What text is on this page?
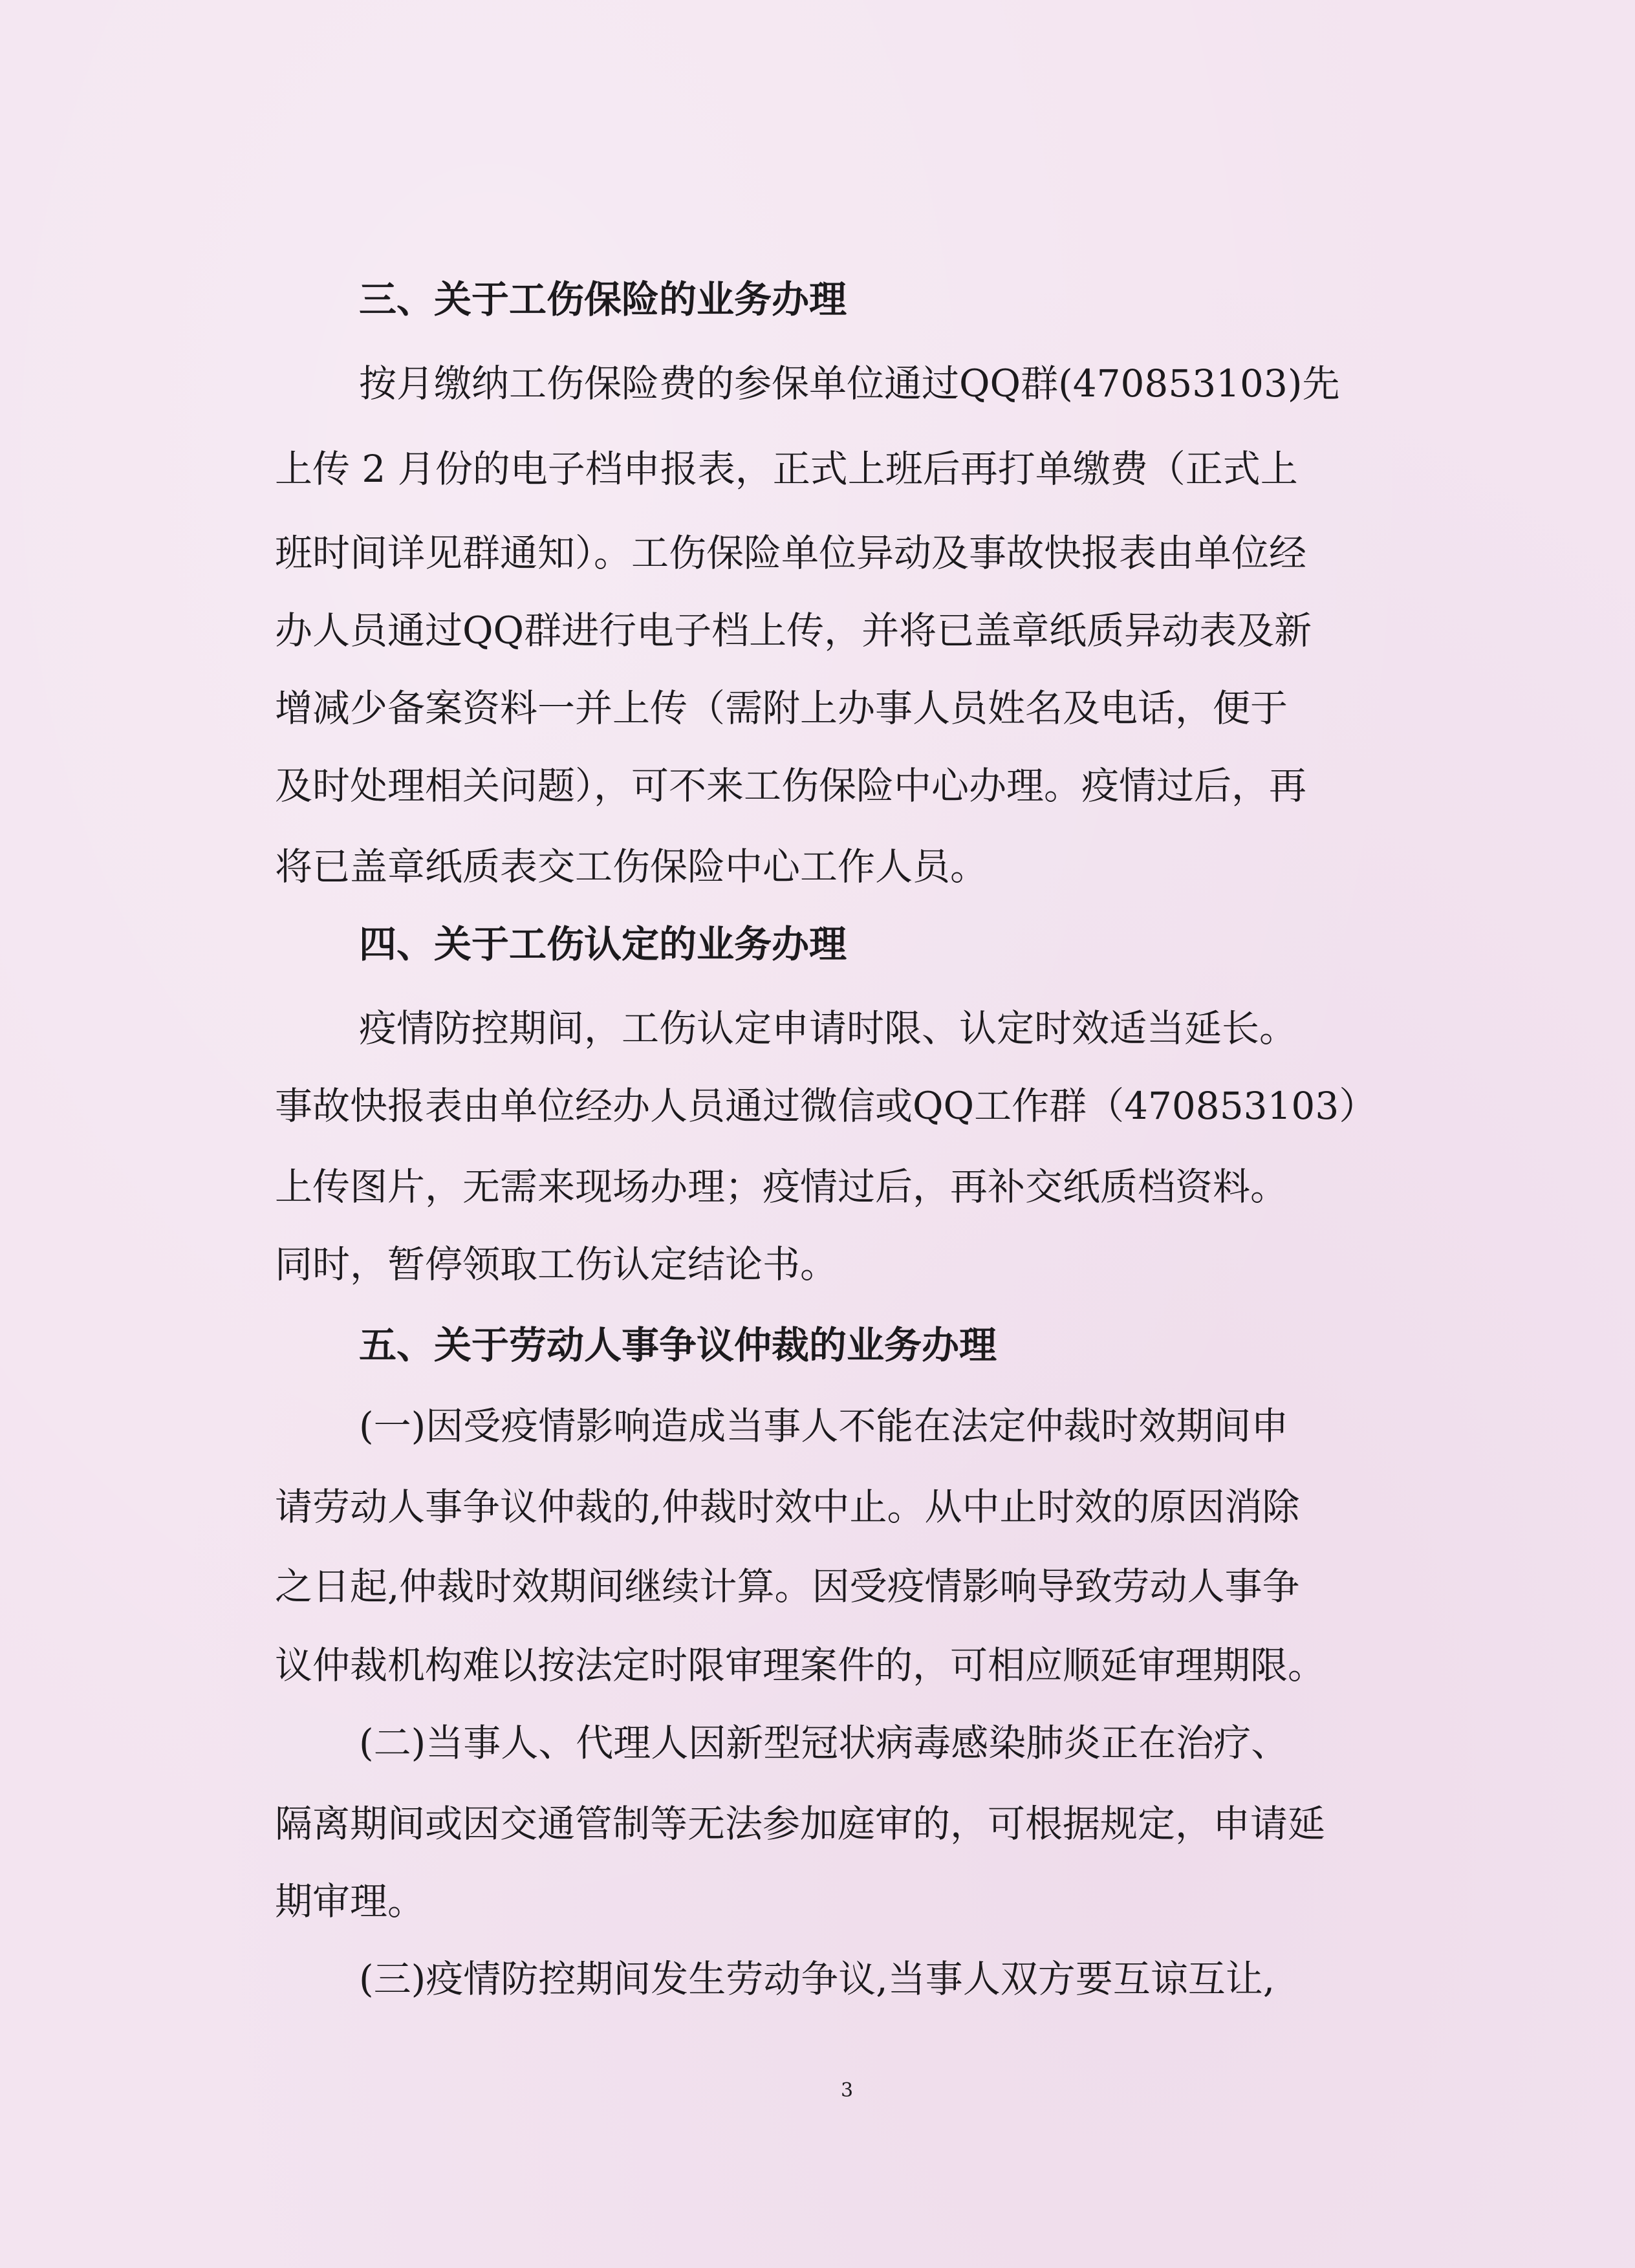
三、关于工伤保险的业务办理
按月缴纳工伤保险费的参保单位通过QQ群(470853103)先
上传 2 月份的电子档申报表，正式上班后再打单缴费（正式上
班时间详见群通知）。工伤保险单位异动及事故快报表由单位经
办人员通过QQ群进行电子档上传，并将已盖章纸质异动表及新
增减少备案资料一并上传（需附上办事人员姓名及电话，便于
及时处理相关问题），可不来工伤保险中心办理。疫情过后，再
将已盖章纸质表交工伤保险中心工作人员。
四、关于工伤认定的业务办理
疫情防控期间，工伤认定申请时限、认定时效适当延长。
事故快报表由单位经办人员通过微信或QQ工作群（470853103）
上传图片，无需来现场办理；疫情过后，再补交纸质档资料。
同时，暂停领取工伤认定结论书。
五、关于劳动人事争议仲裁的业务办理
(一)因受疫情影响造成当事人不能在法定仲裁时效期间申
请劳动人事争议仲裁的,仲裁时效中止。从中止时效的原因消除
之日起,仲裁时效期间继续计算。因受疫情影响导致劳动人事争
议仲裁机构难以按法定时限审理案件的，可相应顺延审理期限。
(二)当事人、代理人因新型冠状病毒感染肺炎正在治疗、
隔离期间或因交通管制等无法参加庭审的，可根据规定，申请延
期审理。
(三)疫情防控期间发生劳动争议,当事人双方要互谅互让,
3
